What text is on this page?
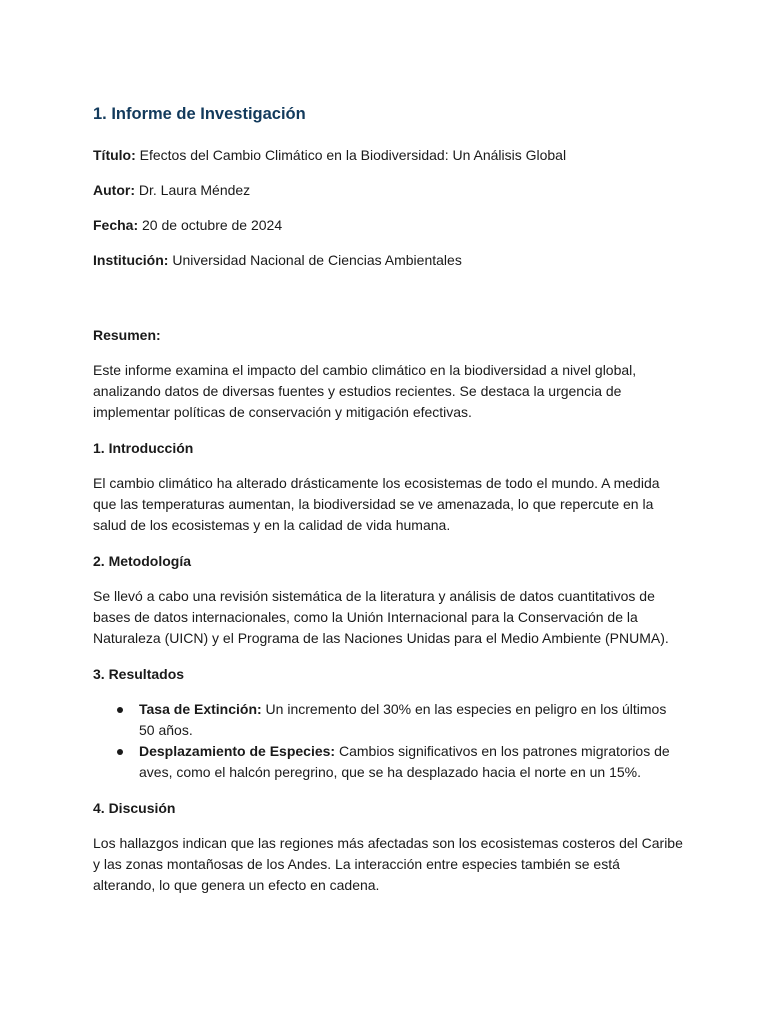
1. Informe de Investigación
Título: Efectos del Cambio Climático en la Biodiversidad: Un Análisis Global
Autor: Dr. Laura Méndez
Fecha: 20 de octubre de 2024
Institución: Universidad Nacional de Ciencias Ambientales
Resumen:
Este informe examina el impacto del cambio climático en la biodiversidad a nivel global, analizando datos de diversas fuentes y estudios recientes. Se destaca la urgencia de implementar políticas de conservación y mitigación efectivas.
1. Introducción
El cambio climático ha alterado drásticamente los ecosistemas de todo el mundo. A medida que las temperaturas aumentan, la biodiversidad se ve amenazada, lo que repercute en la salud de los ecosistemas y en la calidad de vida humana.
2. Metodología
Se llevó a cabo una revisión sistemática de la literatura y análisis de datos cuantitativos de bases de datos internacionales, como la Unión Internacional para la Conservación de la Naturaleza (UICN) y el Programa de las Naciones Unidas para el Medio Ambiente (PNUMA).
3. Resultados
Tasa de Extinción: Un incremento del 30% en las especies en peligro en los últimos 50 años.
Desplazamiento de Especies: Cambios significativos en los patrones migratorios de aves, como el halcón peregrino, que se ha desplazado hacia el norte en un 15%.
4. Discusión
Los hallazgos indican que las regiones más afectadas son los ecosistemas costeros del Caribe y las zonas montañosas de los Andes. La interacción entre especies también se está alterando, lo que genera un efecto en cadena.
